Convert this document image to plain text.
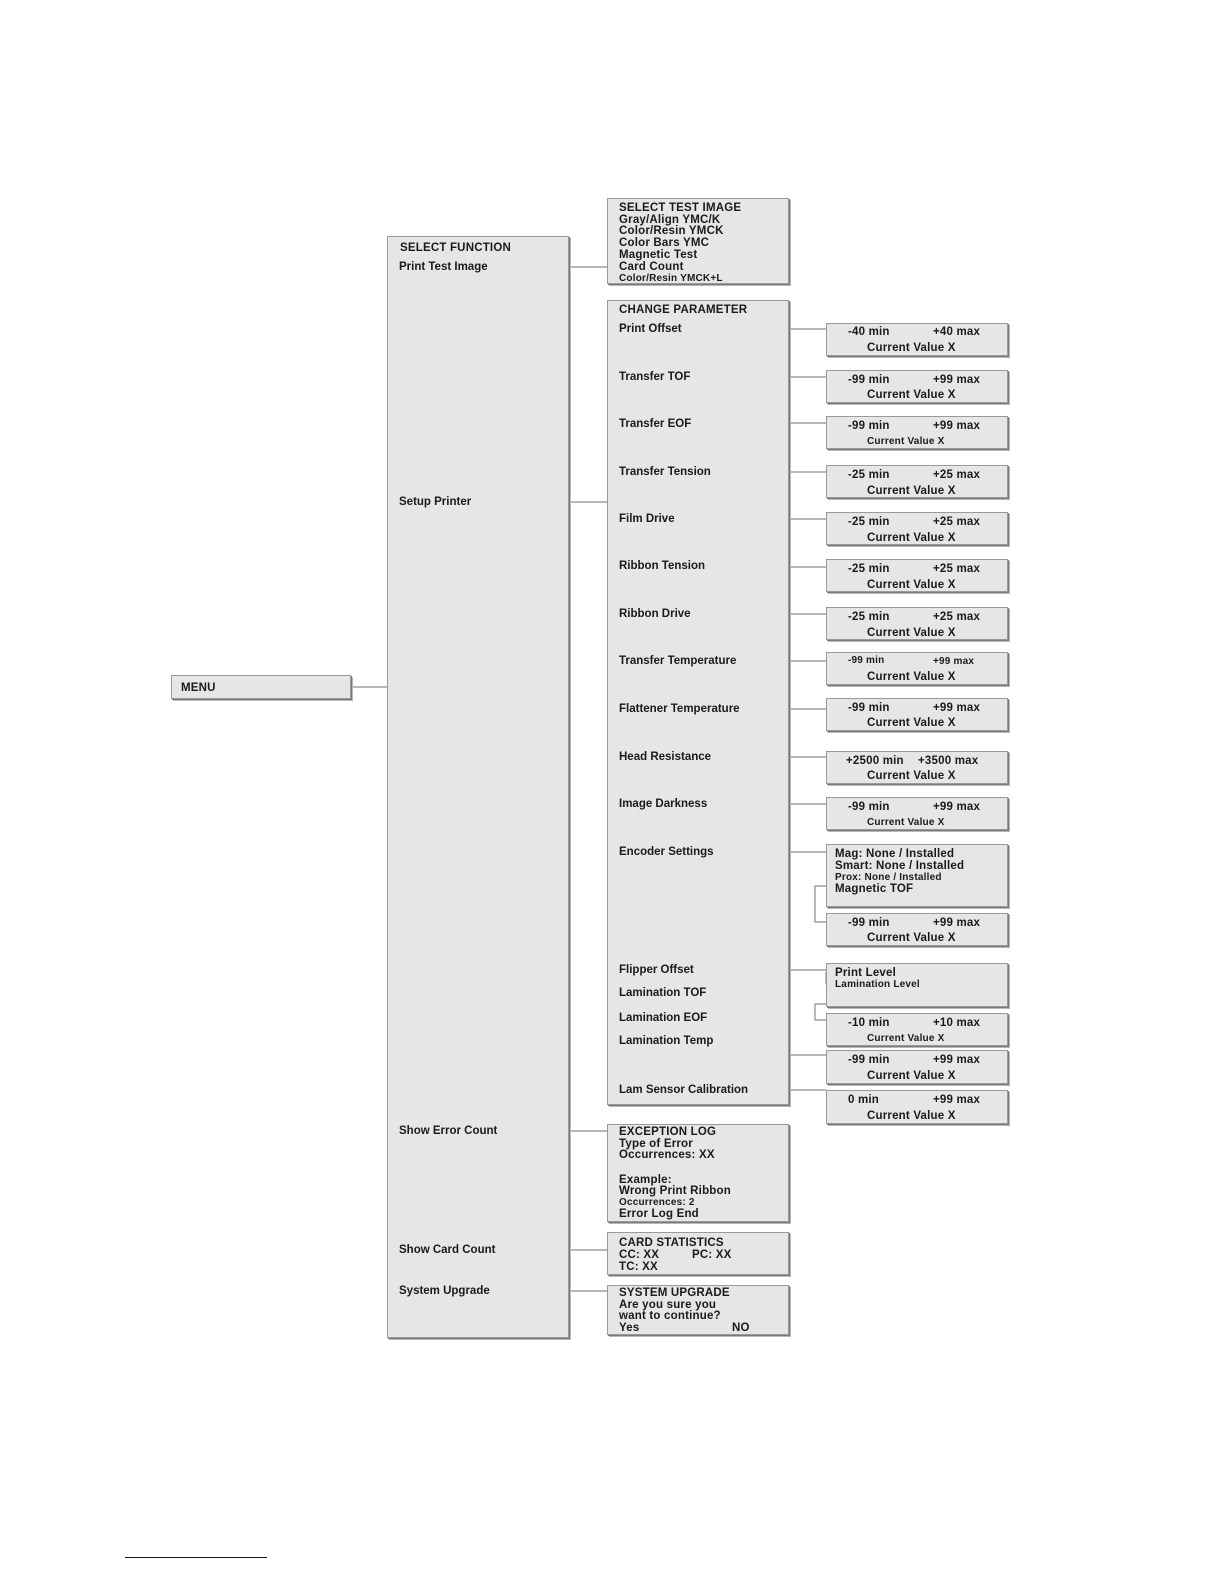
MENU
SELECT FUNCTION
Print Test Image
Setup Printer
Show Error Count
Show Card Count
System Upgrade
SELECT TEST IMAGE
Gray/Align YMC/K
Color/Resin YMCK
Color Bars YMC
Magnetic Test
Card Count
Color/Resin YMCK+L
CHANGE PARAMETER
Print Offset
Transfer TOF
Transfer EOF
Transfer Tension
Film Drive
Ribbon Tension
Ribbon Drive
Transfer Temperature
Flattener Temperature
Head Resistance
Image Darkness
Encoder Settings
Flipper Offset
Lamination TOF
Lamination EOF
Lamination Temp
Lam Sensor Calibration
-40 min	+40 max
Current Value X
-99 min	+99 max
Current Value X
-99 min	+99 max
Current Value X
-25 min	+25 max
Current Value X
-25 min	+25 max
Current Value X
-25 min	+25 max
Current Value X
-25 min	+25 max
Current Value X
-99 min	+99 max
Current Value X
-99 min	+99 max
Current Value X
+2500 min +3500 max
Current Value X
-99 min	+99 max
Current Value X
Mag: None / Installed
Smart: None / Installed
Prox: None / Installed
Magnetic TOF
-99 min	+99 max
Current Value X
Print Level
Lamination Level
-10 min	+10 max
Current Value X
-99 min	+99 max
Current Value X
0 min	+99 max
Current Value X
EXCEPTION LOG
Type of Error
Occurrences: XX
Example:
Wrong Print Ribbon
Occurrences: 2
Error Log End
CARD STATISTICS
CC: XX	PC: XX
TC: XX
SYSTEM UPGRADE
Are you sure you
want to continue?
Yes	NO
